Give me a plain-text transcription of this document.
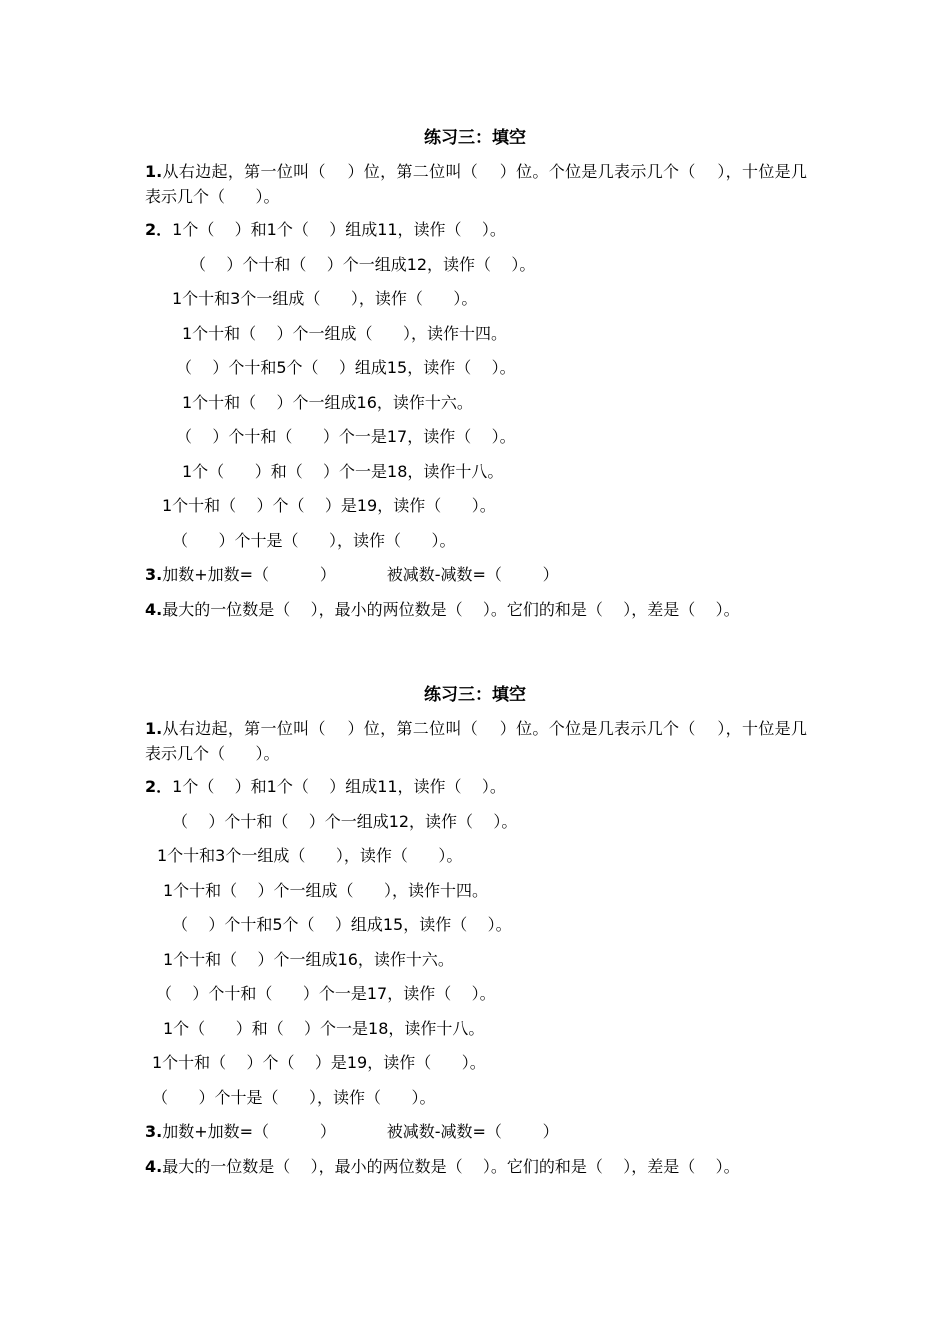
练习三：填空
1.从右边起，第一位叫（    ）位，第二位叫（    ）位。个位是几表示几个（    ），十位是几表示几个（      ）。
2．1个（    ）和1个（    ）组成11，读作（    ）。
（    ）个十和（    ）个一组成12，读作（    ）。
1个十和3个一组成（      ），读作（      ）。
1个十和（    ）个一组成（      ），读作十四。
（    ）个十和5个（    ）组成15，读作（    ）。
1个十和（    ）个一组成16，读作十六。
（    ）个十和（      ）个一是17，读作（    ）。
1个（      ）和（    ）个一是18，读作十八。
1个十和（    ）个（    ）是19，读作（      ）。
（      ）个十是（      ），读作（      ）。
3.加数+加数=（          ）          被减数-减数=（        ）
4.最大的一位数是（    ），最小的两位数是（    ）。它们的和是（    ），差是（    ）。
练习三：填空
1.从右边起，第一位叫（    ）位，第二位叫（    ）位。个位是几表示几个（    ），十位是几表示几个（      ）。
2．1个（    ）和1个（    ）组成11，读作（    ）。
（    ）个十和（    ）个一组成12，读作（    ）。
1个十和3个一组成（      ），读作（      ）。
1个十和（    ）个一组成（      ），读作十四。
（    ）个十和5个（    ）组成15，读作（    ）。
1个十和（    ）个一组成16，读作十六。
（    ）个十和（      ）个一是17，读作（    ）。
1个（      ）和（    ）个一是18，读作十八。
1个十和（    ）个（    ）是19，读作（      ）。
（      ）个十是（      ），读作（      ）。
3.加数+加数=（          ）          被减数-减数=（        ）
4.最大的一位数是（    ），最小的两位数是（    ）。它们的和是（    ），差是（    ）。
